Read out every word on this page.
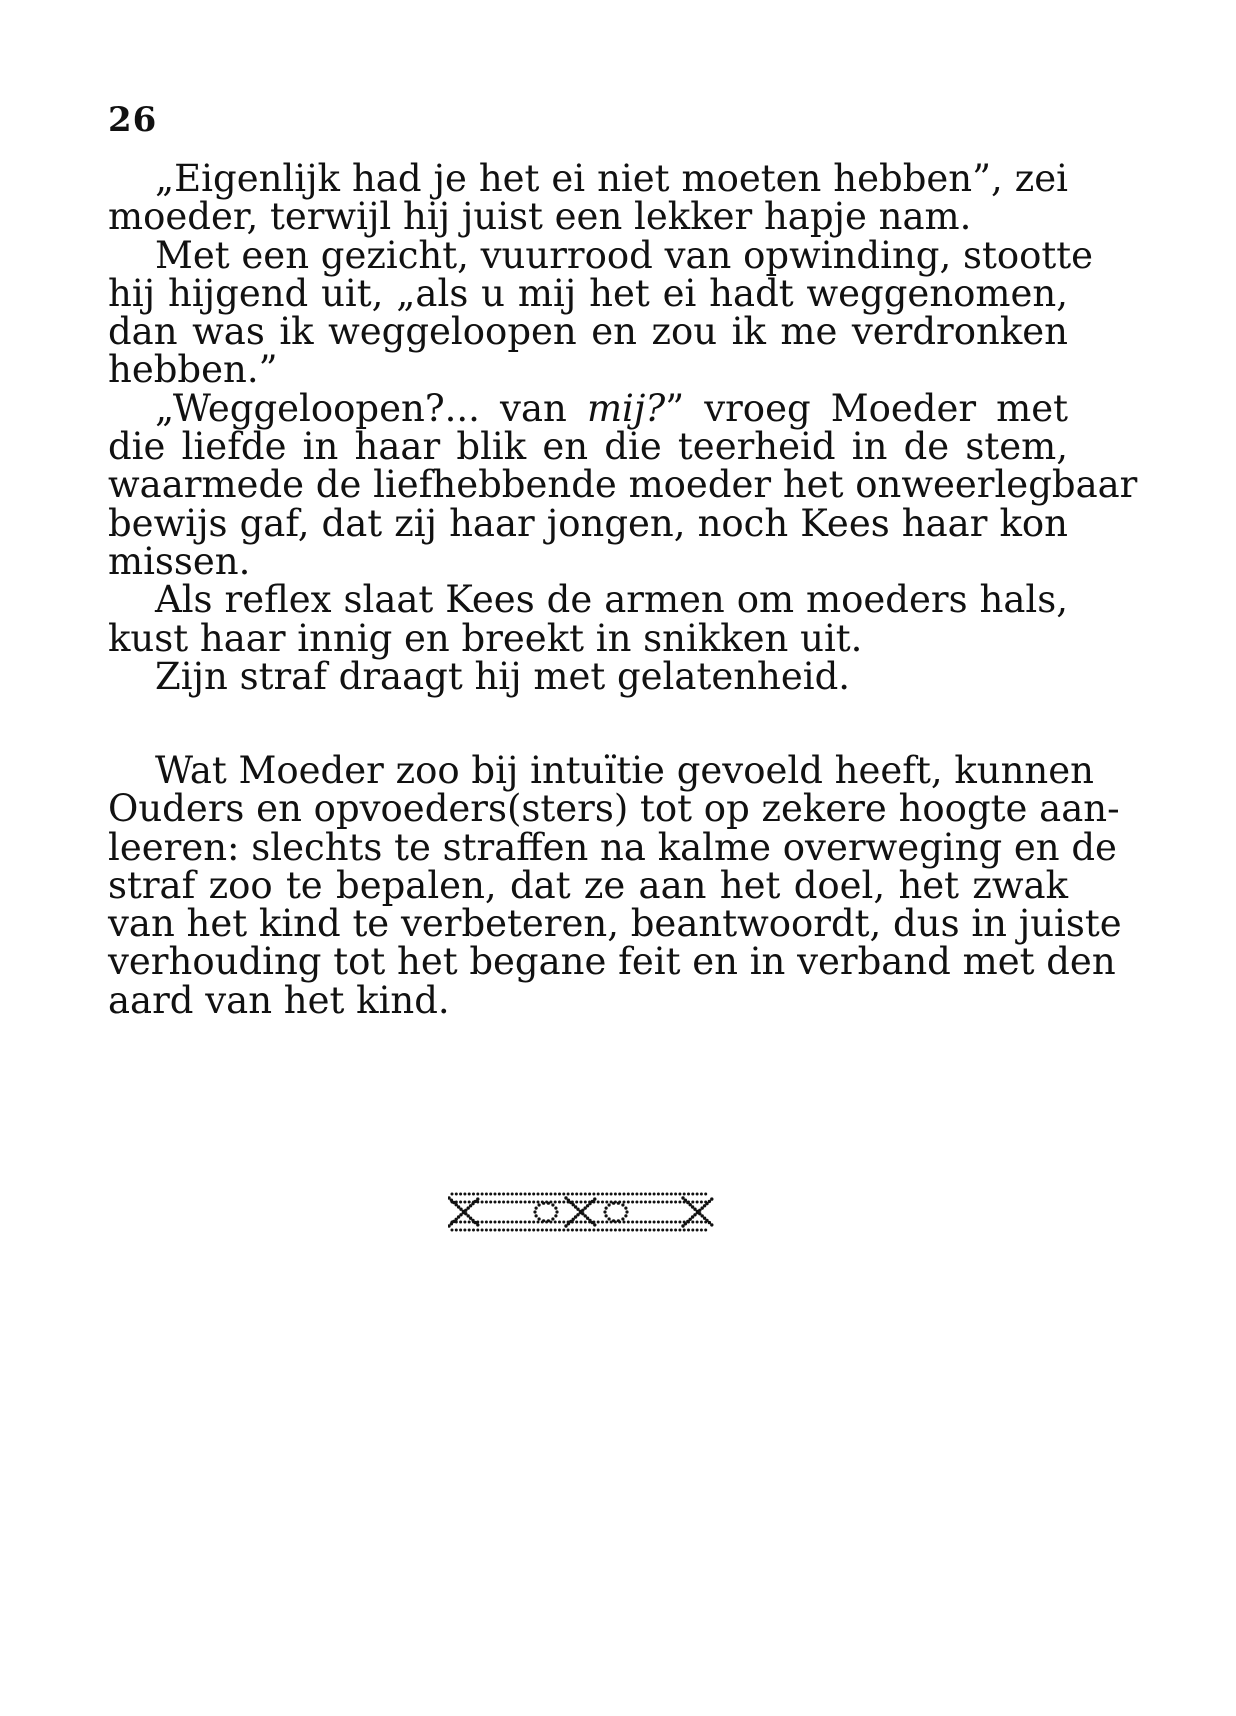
26
„Eigenlijk had je het ei niet moeten hebben”, zei
moeder, terwijl hij juist een lekker hapje nam.
Met een gezicht, vuurrood van opwinding, stootte
hij hijgend uit, „als u mij het ei hadt weggenomen,
dan was ik weggeloopen en zou ik me verdronken
hebben.”
„Weggeloopen?... van mij?” vroeg Moeder met
die liefde in haar blik en die teerheid in de stem,
waarmede de liefhebbende moeder het onweerlegbaar
bewijs gaf, dat zij haar jongen, noch Kees haar kon
missen.
Als reflex slaat Kees de armen om moeders hals,
kust haar innig en breekt in snikken uit.
Zijn straf draagt hij met gelatenheid.
Wat Moeder zoo bij intuïtie gevoeld heeft, kunnen
Ouders en opvoeders(sters) tot op zekere hoogte aan-
leeren: slechts te straffen na kalme overweging en de
straf zoo te bepalen, dat ze aan het doel, het zwak
van het kind te verbeteren, beantwoordt, dus in juiste
verhouding tot het begane feit en in verband met den
aard van het kind.
